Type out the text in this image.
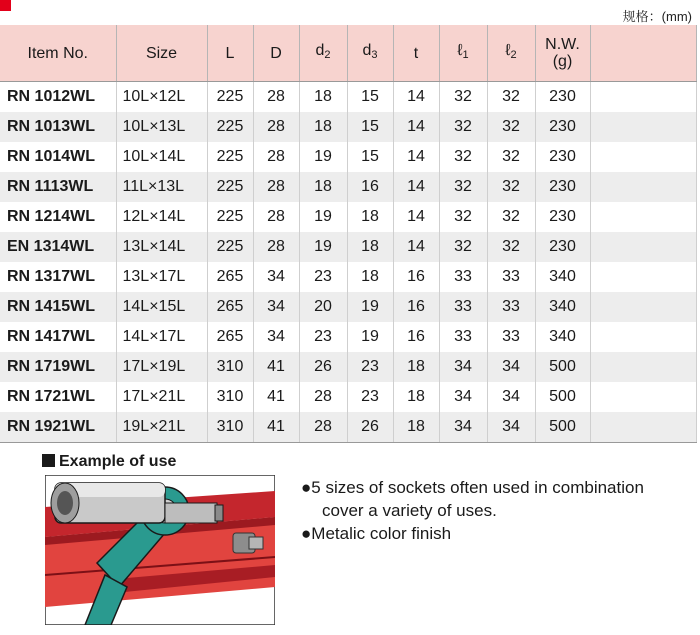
规格：(mm)
Item No.	Size	L	D	$d_2$	$d_3$	t	ℓ$_1$	ℓ$_2$	N.W.
(g)	
RN 1012WL	10L×12L	225	28	18	15	14	32	32	230	
RN 1013WL	10L×13L	225	28	18	15	14	32	32	230	
RN 1014WL	10L×14L	225	28	19	15	14	32	32	230	
RN 1113WL	11L×13L	225	28	18	16	14	32	32	230	
RN 1214WL	12L×14L	225	28	19	18	14	32	32	230	
EN 1314WL	13L×14L	225	28	19	18	14	32	32	230	
RN 1317WL	13L×17L	265	34	23	18	16	33	33	340	
RN 1415WL	14L×15L	265	34	20	19	16	33	33	340	
RN 1417WL	14L×17L	265	34	23	19	16	33	33	340	
RN 1719WL	17L×19L	310	41	26	23	18	34	34	500	
RN 1721WL	17L×21L	310	41	28	23	18	34	34	500	
RN 1921WL	19L×21L	310	41	28	26	18	34	34	500	
Example of use
● 5 sizes of sockets often used in combination
cover a variety of uses.
● Metalic color finish
